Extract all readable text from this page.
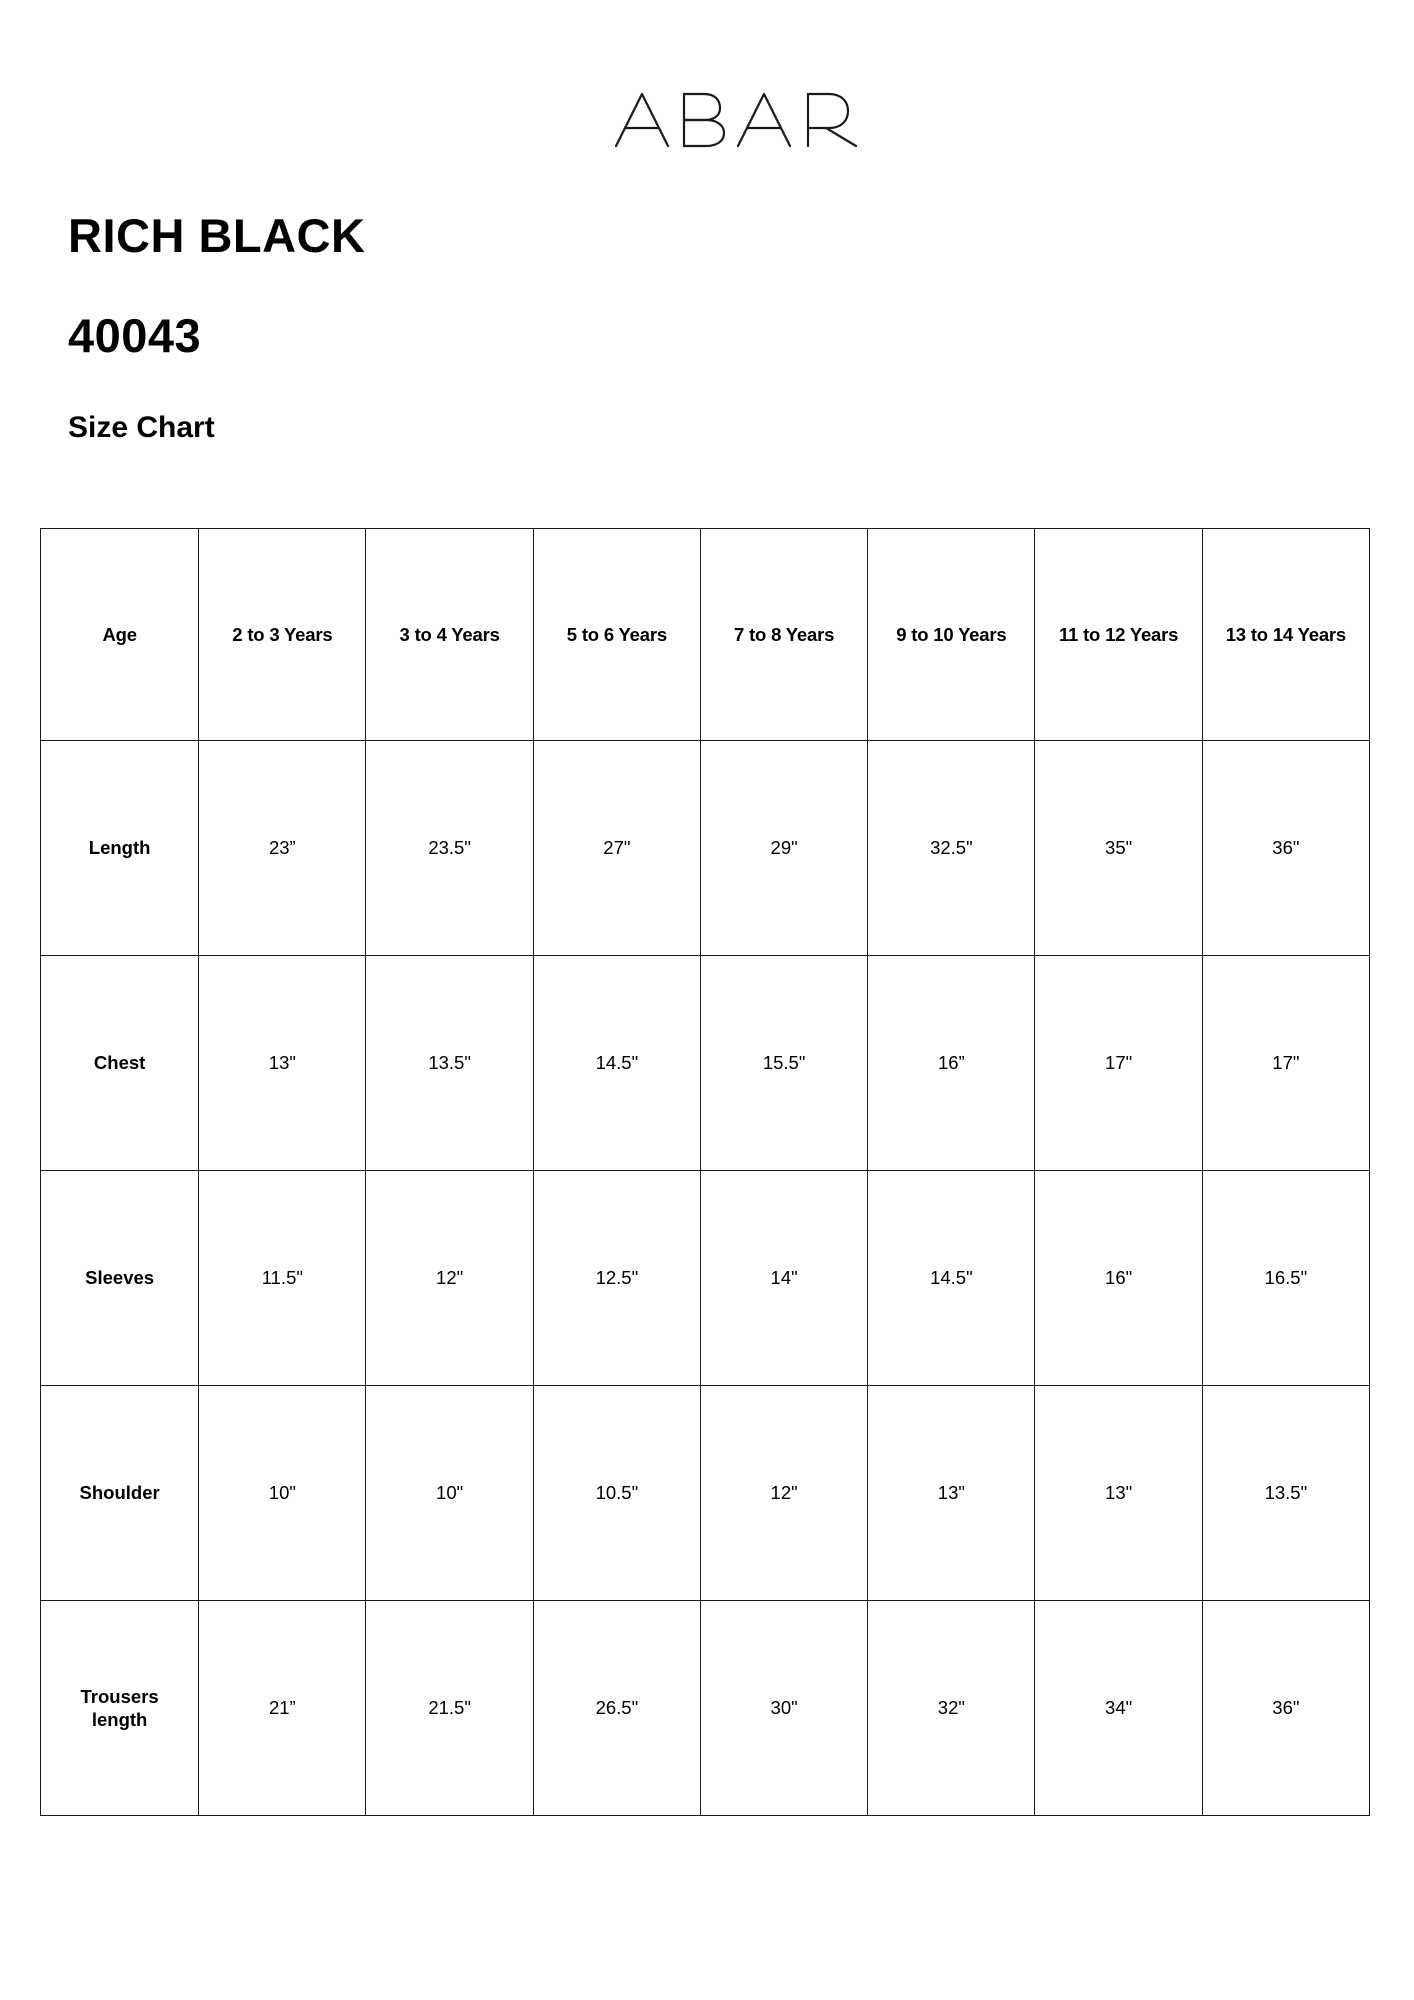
RICH BLACK
40043
Size Chart
Age	2 to 3 Years	3 to 4 Years	5 to 6 Years	7 to 8 Years	9 to 10 Years	11 to 12 Years	13 to 14 Years
Length	23”	23.5"	27"	29"	32.5"	35"	36"
Chest	13"	13.5"	14.5"	15.5"	16”	17"	17"
Sleeves	11.5"	12"	12.5"	14"	14.5"	16"	16.5"
Shoulder	10"	10"	10.5"	12"	13"	13"	13.5"

Trousers
length	21”	21.5"	26.5"	30"	32"	34"	36"
